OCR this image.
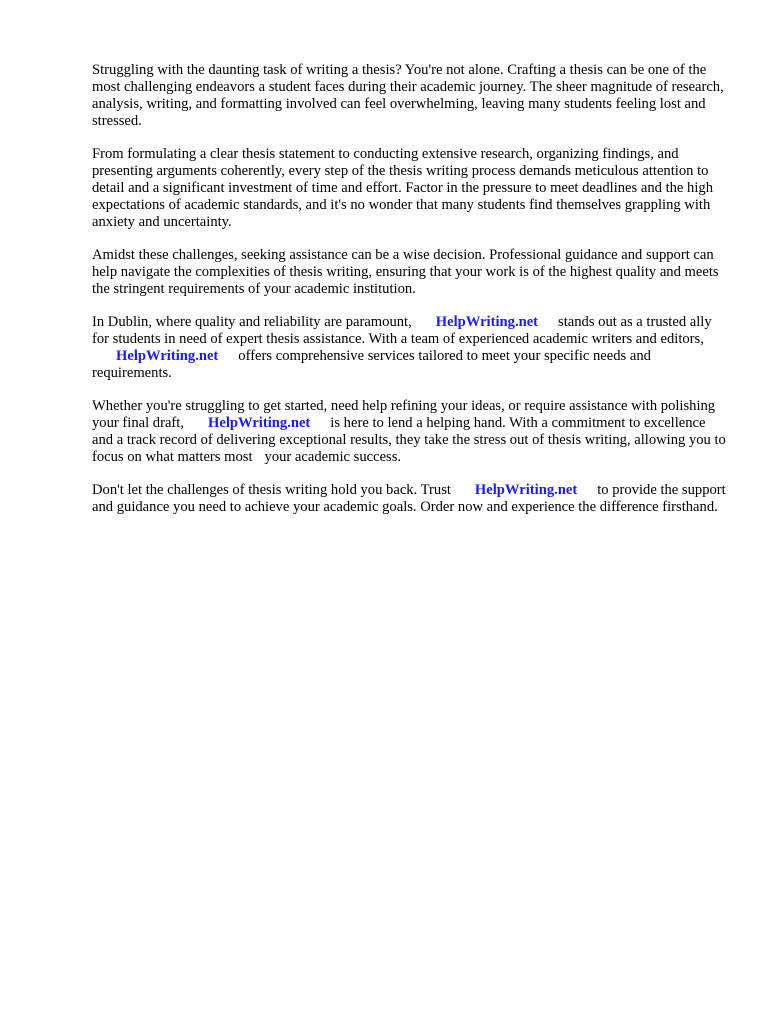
Struggling with the daunting task of writing a thesis? You're not alone. Crafting a thesis can be one of the most challenging endeavors a student faces during their academic journey. The sheer magnitude of research, analysis, writing, and formatting involved can feel overwhelming, leaving many students feeling lost and stressed.

From formulating a clear thesis statement to conducting extensive research, organizing findings, and presenting arguments coherently, every step of the thesis writing process demands meticulous attention to detail and a significant investment of time and effort. Factor in the pressure to meet deadlines and the high expectations of academic standards, and it's no wonder that many students find themselves grappling with anxiety and uncertainty.

Amidst these challenges, seeking assistance can be a wise decision. Professional guidance and support can help navigate the complexities of thesis writing, ensuring that your work is of the highest quality and meets the stringent requirements of your academic institution.

In Dublin, where quality and reliability are paramount, HelpWriting.net stands out as a trusted ally for students in need of expert thesis assistance. With a team of experienced academic writers and editors,HelpWriting.net offers comprehensive services tailored to meet your specific needs and requirements.

Whether you're struggling to get started, need help refining your ideas, or require assistance with polishing your final draft, HelpWriting.net is here to lend a helping hand. With a commitment to excellence and a track record of delivering exceptional results, they take the stress out of thesis writing, allowing you to focus on what matters most your academic success.

Don't let the challenges of thesis writing hold you back. Trust HelpWriting.net to provide the support and guidance you need to achieve your academic goals. Order now and experience the difference firsthand.
